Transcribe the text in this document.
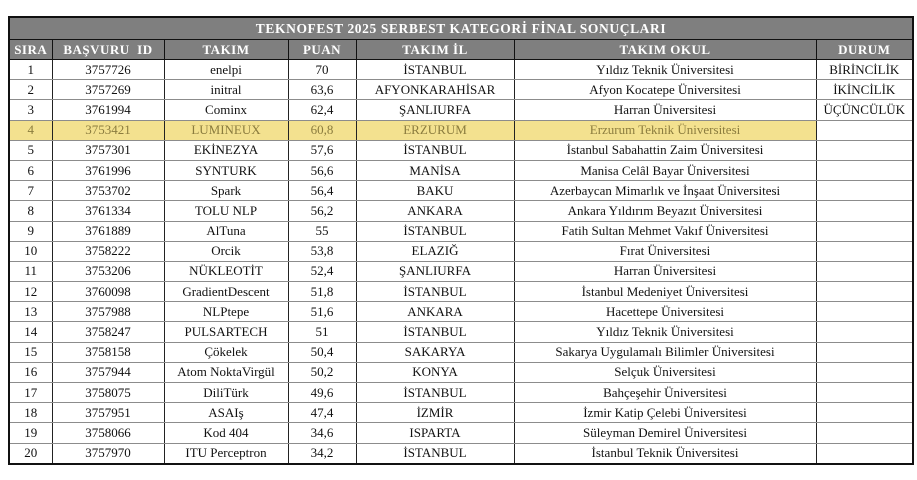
TEKNOFEST 2025 SERBEST KATEGORİ FİNAL SONUÇLARI						
SIRA	BAŞVURU  ID	TAKIM	PUAN	TAKIM İL	TAKIM OKUL	DURUM
1	3757726	enelpi	70	İSTANBUL	Yıldız Teknik Üniversitesi	BİRİNCİLİK
2	3757269	initral	63,6	AFYONKARAHİSAR	Afyon Kocatepe Üniversitesi	İKİNCİLİK
3	3761994	Cominx	62,4	ŞANLIURFA	Harran Üniversitesi	ÜÇÜNCÜLÜK
4	3753421	LUMINEUX	60,8	ERZURUM	Erzurum Teknik Üniversitesi	
5	3757301	EKİNEZYA	57,6	İSTANBUL	İstanbul Sabahattin Zaim Üniversitesi	
6	3761996	SYNTURK	56,6	MANİSA	Manisa Celâl Bayar Üniversitesi	
7	3753702	Spark	56,4	BAKU	Azerbaycan Mimarlık ve İnşaat Üniversitesi	
8	3761334	TOLU NLP	56,2	ANKARA	Ankara Yıldırım Beyazıt Üniversitesi	
9	3761889	AlTuna	55	İSTANBUL	Fatih Sultan Mehmet Vakıf Üniversitesi	
10	3758222	Orcik	53,8	ELAZIĞ	Fırat Üniversitesi	
11	3753206	NÜKLEOTİT	52,4	ŞANLIURFA	Harran Üniversitesi	
12	3760098	GradientDescent	51,8	İSTANBUL	İstanbul Medeniyet Üniversitesi	
13	3757988	NLPtepe	51,6	ANKARA	Hacettepe Üniversitesi	
14	3758247	PULSARTECH	51	İSTANBUL	Yıldız Teknik Üniversitesi	
15	3758158	Çökelek	50,4	SAKARYA	Sakarya Uygulamalı Bilimler Üniversitesi	
16	3757944	Atom NoktaVirgül	50,2	KONYA	Selçuk Üniversitesi	
17	3758075	DiliTürk	49,6	İSTANBUL	Bahçeşehir Üniversitesi	
18	3757951	ASAIş	47,4	İZMİR	İzmir Katip Çelebi Üniversitesi	
19	3758066	Kod 404	34,6	ISPARTA	Süleyman Demirel Üniversitesi	
20	3757970	ITU Perceptron	34,2	İSTANBUL	İstanbul Teknik Üniversitesi	
